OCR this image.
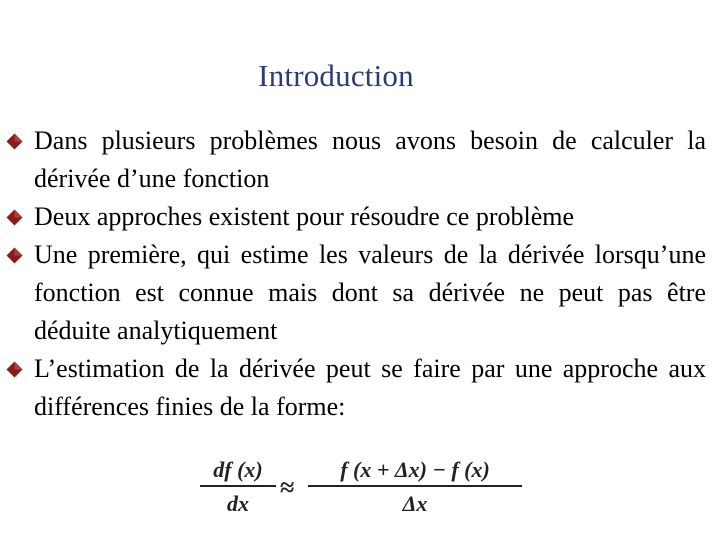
Introduction
Dans plusieurs problèmes nous avons besoin de calculer la dérivée d’une fonction
Deux approches existent pour résoudre ce problème
Une première, qui estime les valeurs de la dérivée lorsqu’une fonction est connue mais dont sa dérivée ne peut pas être déduite analytiquement
L’estimation de la dérivée peut se faire par une approche aux différences finies de la forme:
df (x)
dx
≈
f (x + Δx) − f (x)
Δx
